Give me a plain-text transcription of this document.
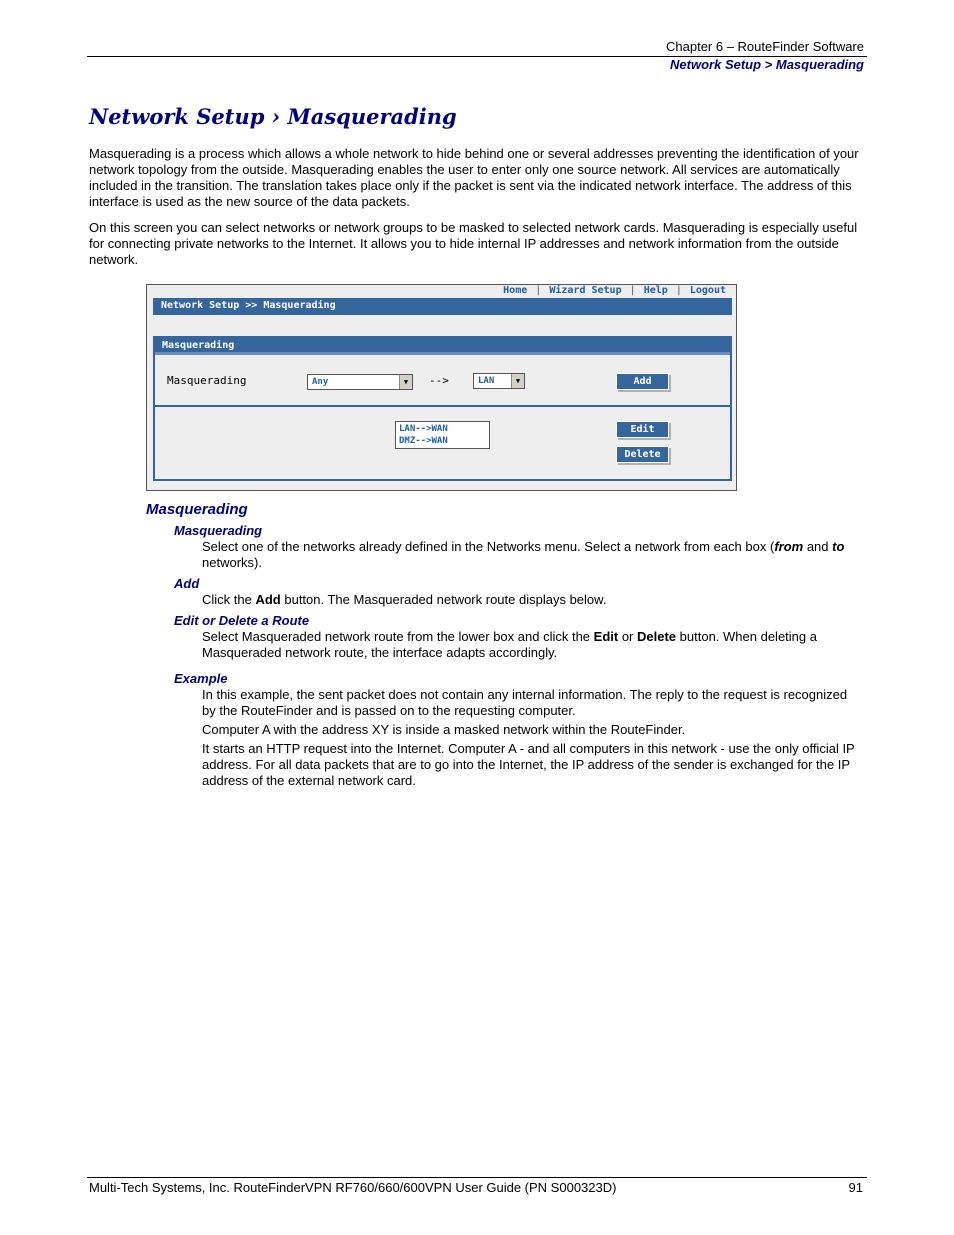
Chapter 6 – RouteFinder Software
Network Setup > Masquerading
Network Setup › Masquerading

Masquerading is a process which allows a whole network to hide behind one or several addresses preventing the identification of your network topology from the outside. Masquerading enables the user to enter only one source network. All services are automatically included in the transition. The translation takes place only if the packet is sent via the indicated network interface. The address of this interface is used as the new source of the data packets.

On this screen you can select networks or network groups to be masked to selected network cards. Masquerading is especially useful for connecting private networks to the Internet. It allows you to hide internal IP addresses and network information from the outside network.

Home | Wizard Setup | Help | Logout
Network Setup >> Masquerading
Masquerading
Masquerading	Any	▼	-->	LAN	▼	Add
LAN-->WAN
DMZ-->WAN
Edit
Delete
Masquerading
Masquerading

Select one of the networks already defined in the Networks menu. Select a network from each box (from and to networks).

Add

Click the Add button. The Masqueraded network route displays below.

Edit or Delete a Route

Select Masqueraded network route from the lower box and click the Edit or Delete button. When deleting a Masqueraded network route, the interface adapts accordingly.

Example

In this example, the sent packet does not contain any internal information. The reply to the request is recognized by the RouteFinder and is passed on to the requesting computer.

Computer A with the address XY is inside a masked network within the RouteFinder.

It starts an HTTP request into the Internet. Computer A - and all computers in this network - use the only official IP address. For all data packets that are to go into the Internet, the IP address of the sender is exchanged for the IP address of the external network card.

Multi-Tech Systems, Inc. RouteFinderVPN RF760/660/600VPN User Guide (PN S000323D)	91
